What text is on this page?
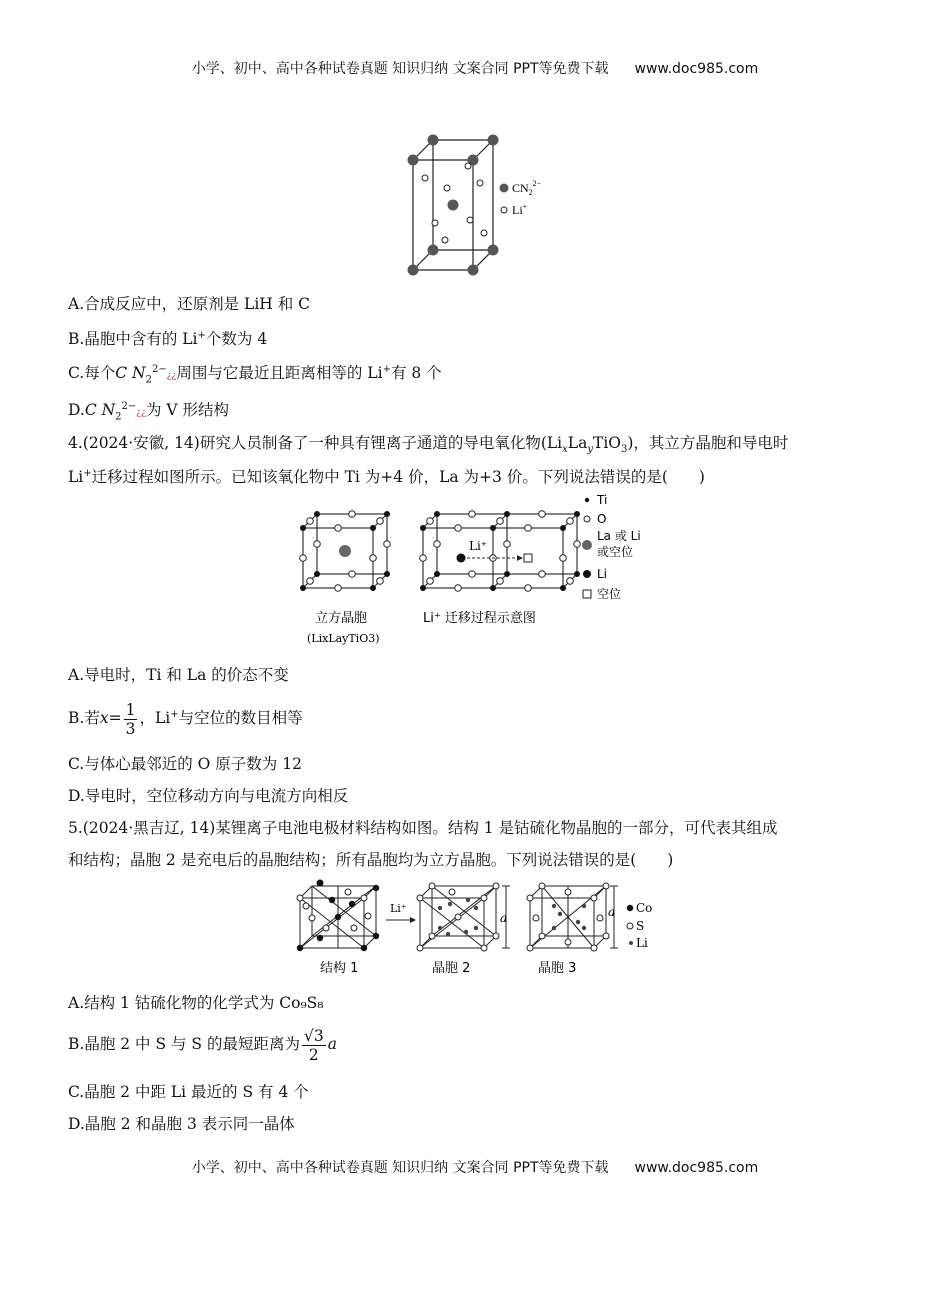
小学、初中、高中各种试卷真题 知识归纳 文案合同 PPT等免费下载 www.doc985.com
$CN_2^{2-}$
Li+
A.合成反应中，还原剂是 LiH 和 C
B.晶胞中含有的 Li+个数为 4
C.每个C $N_2^{2-}¿¿$周围与它最近且距离相等的 Li+有 8 个
D.C $N_2^{2-}¿¿$为 V 形结构
4.(2024·安徽, 14)研究人员制备了一种具有锂离子通道的导电氧化物$(Li_xLa_yTiO_3)$，其立方晶胞和导电时
Li+迁移过程如图所示。已知该氧化物中 Ti 为+4 价，La 为+3 价。下列说法错误的是(　　)
立方晶胞
(LixLayTiO3)
Li⁺
Li⁺ 迁移过程示意图
Ti
O
La 或 Li
或空位
Li
空位
A.导电时，Ti 和 La 的价态不变
B.若$x= \frac{1}{3}$ ，Li+与空位的数目相等
C.与体心最邻近的 O 原子数为 12
D.导电时，空位移动方向与电流方向相反
5.(2024·黑吉辽, 14)某锂离子电池电极材料结构如图。结构 1 是钴硫化物晶胞的一部分，可代表其组成
和结构；晶胞 2 是充电后的晶胞结构；所有晶胞均为立方晶胞。下列说法错误的是(　　)
结构 1
Li⁺
a
晶胞 2
a
晶胞 3
Co
S
Li
A.结构 1 钴硫化物的化学式为 Co₉S₈
B.晶胞 2 中 S 与 S 的最短距离为 $\frac{√3}{2}$ a
C.晶胞 2 中距 Li 最近的 S 有 4 个
D.晶胞 2 和晶胞 3 表示同一晶体
小学、初中、高中各种试卷真题 知识归纳 文案合同 PPT等免费下载 www.doc985.com
